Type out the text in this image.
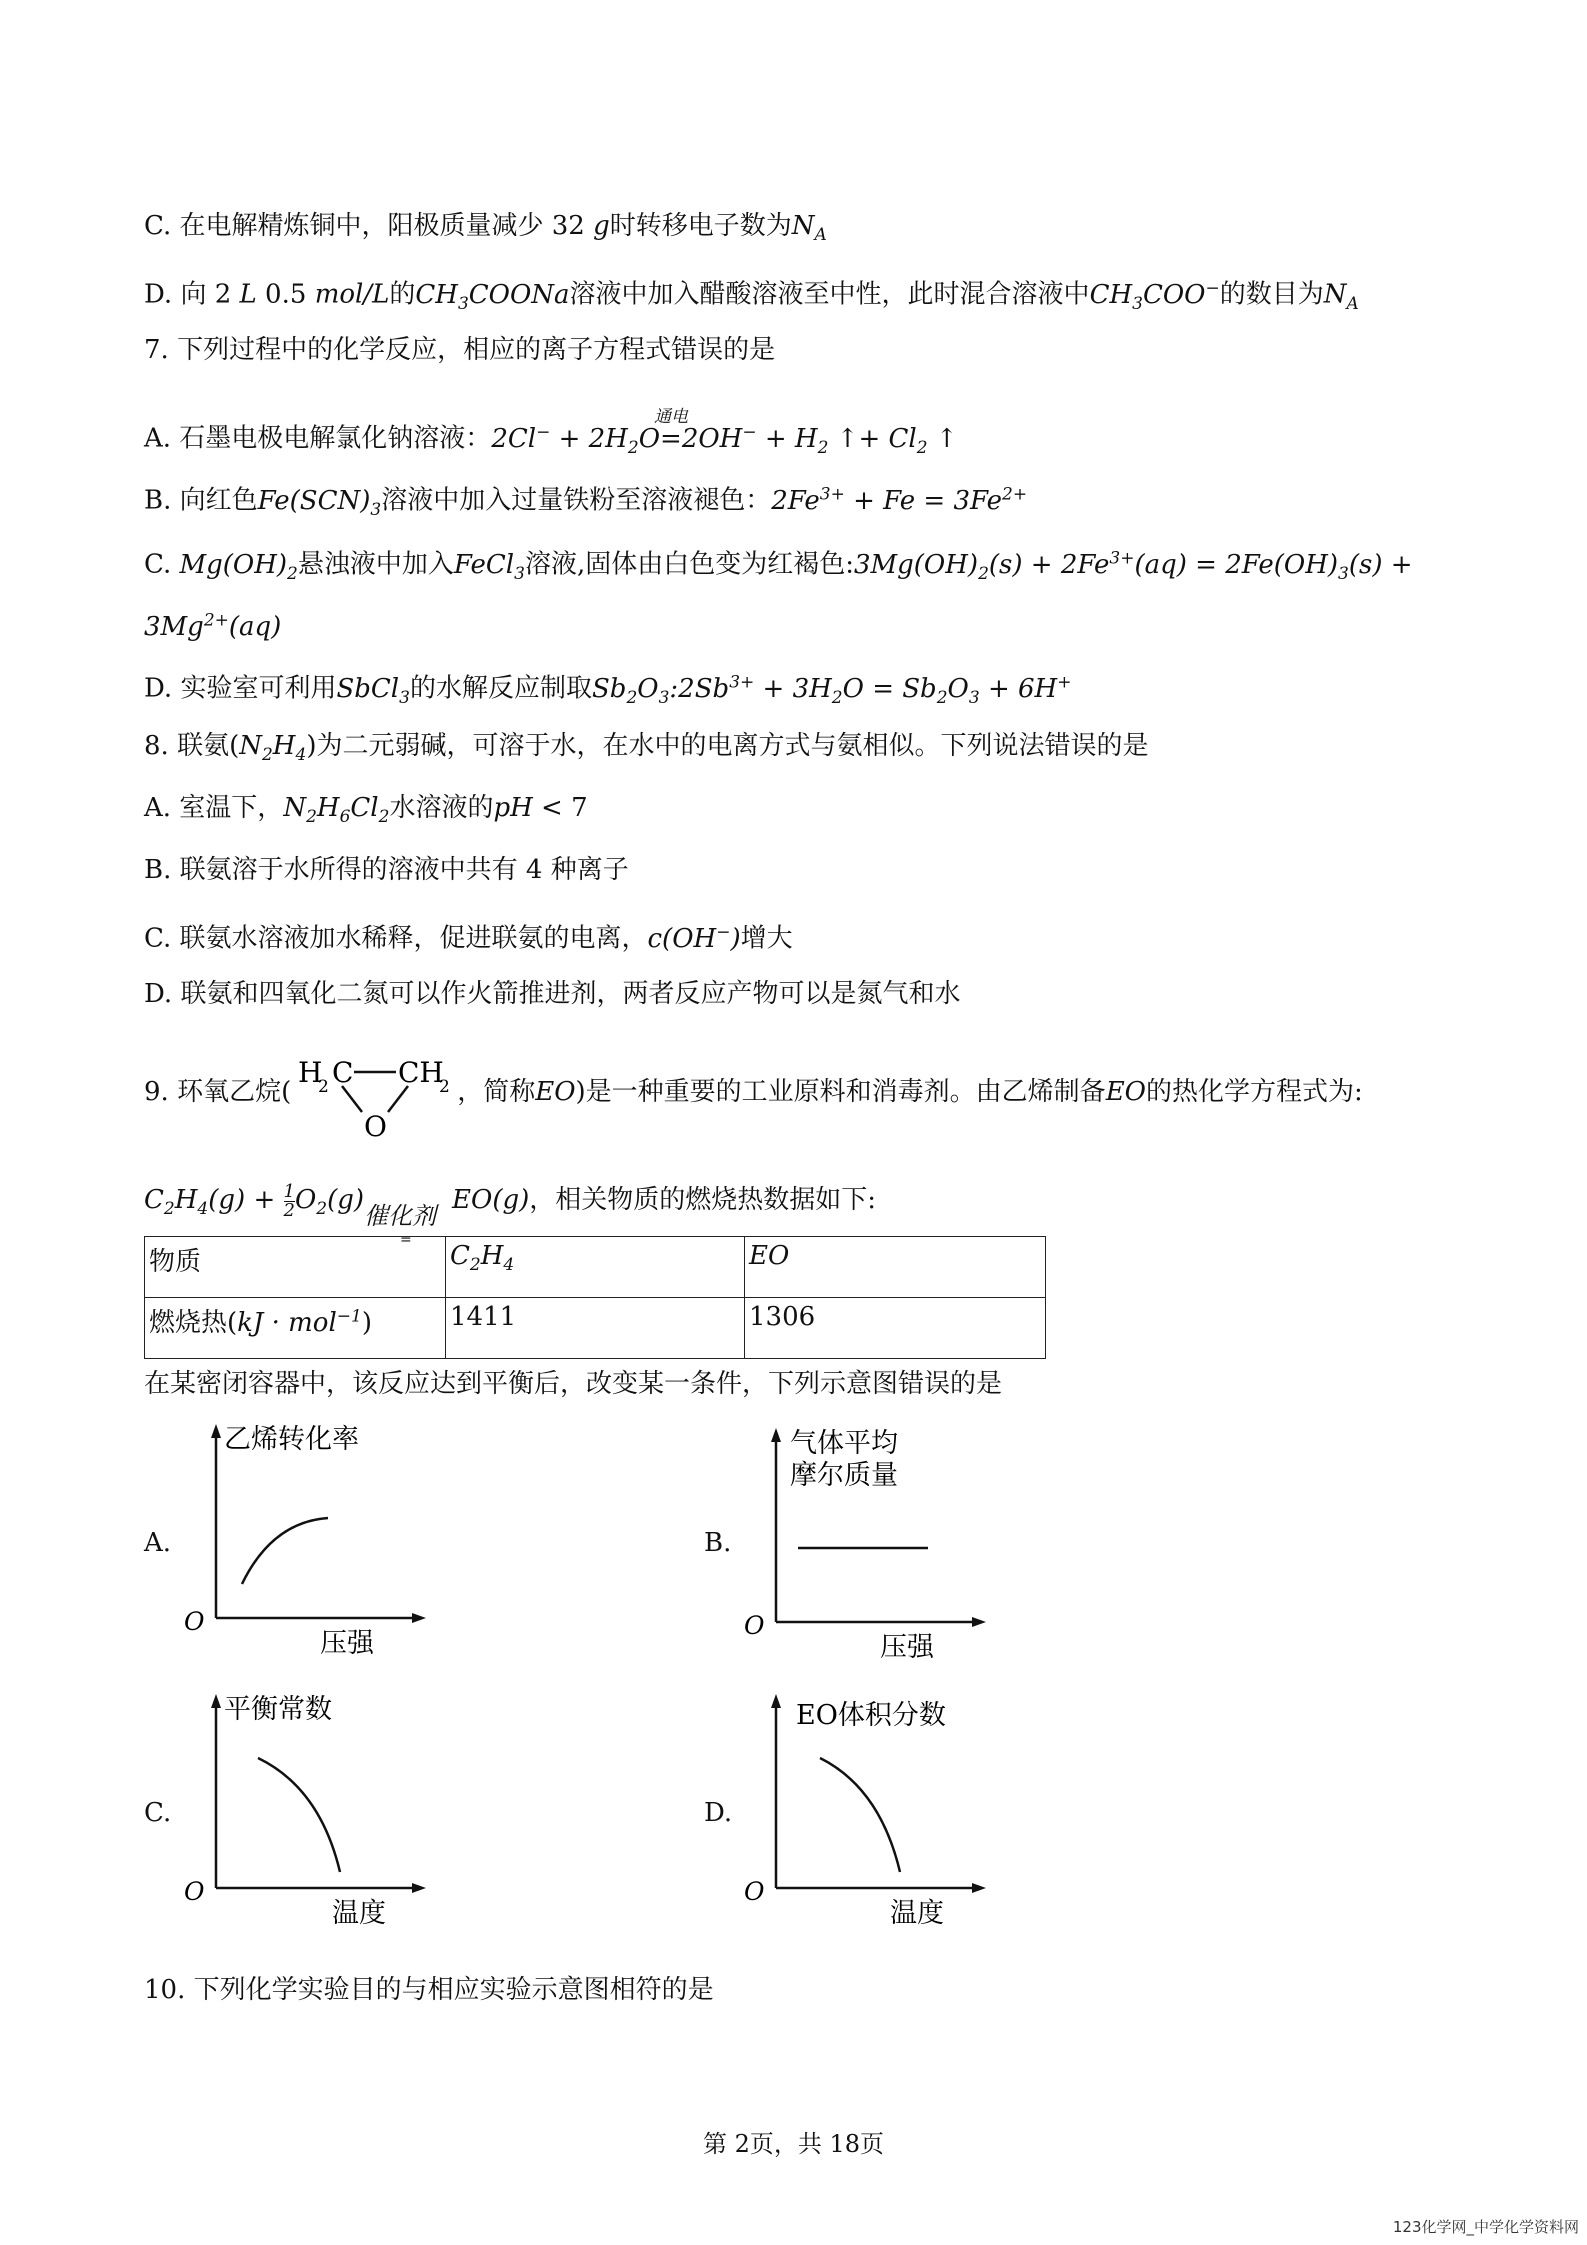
C. 在电解精炼铜中，阳极质量减少 32 g时转移电子数为$N_A$
D. 向 2 L 0.5 mol/L的$CH_3COONa$溶液中加入醋酸溶液至中性，此时混合溶液中$CH_3COO^-$的数目为$N_A$
7. 下列过程中的化学反应，相应的离子方程式错误的是
A. 石墨电极电解氯化钠溶液：$2Cl^- + 2H_2O$
通电
$=2OH^- + H_2$ ↑+ $Cl_2$ ↑
B. 向红色$Fe(SCN)_3$溶液中加入过量铁粉至溶液褪色：$2Fe^{3+} + Fe = 3Fe^{2+}$
C. $Mg(OH)_2$悬浊液中加入FeCl$_3$溶液,固体由白色变为红褐色$:3Mg(OH)_2(s) + 2Fe^{3+}(aq) = 2Fe(OH)_3(s)$ +
$3Mg^{2+}(aq)$
D. 实验室可利用SbCl$_3$的水解反应制取$Sb_2O_3:2Sb^{3+} + 3H_2O = Sb_2O_3 + 6H^+$
8. 联氨$(N_2H_4)$为二元弱碱，可溶于水，在水中的电离方式与氨相似。下列说法错误的是
A. 室温下，$N_2H_6Cl_2$水溶液的pH < 7
B. 联氨溶于水所得的溶液中共有 4 种离子
C. 联氨水溶液加水稀释，促进联氨的电离，c(OH−)增大
D. 联氨和四氧化二氮可以作火箭推进剂，两者反应产物可以是氮气和水
9. 环氧乙烷(	，简称EO)是一种重要的工业原料和消毒剂。由乙烯制备EO的热化学方程式为:
H
2 C CH
2
O
$C_2H_4(g) + \frac{1}{2} O_2(g)$
催化剂
=
EO(g)，相关物质的燃烧热数据如下:
物质	$C_2H_4$	EO
燃烧热(kJ · mol$^{-1}$)	1411	1306
在某密闭容器中，该反应达到平衡后，改变某一条件，下列示意图错误的是
A.
乙烯转化率
O
压强
B.
气体平均
摩尔质量
O
压强
C.
平衡常数
O
温度
D.
EO体积分数
O
温度
10. 下列化学实验目的与相应实验示意图相符的是
第 2页，共 18页
123化学网_中学化学资料网
